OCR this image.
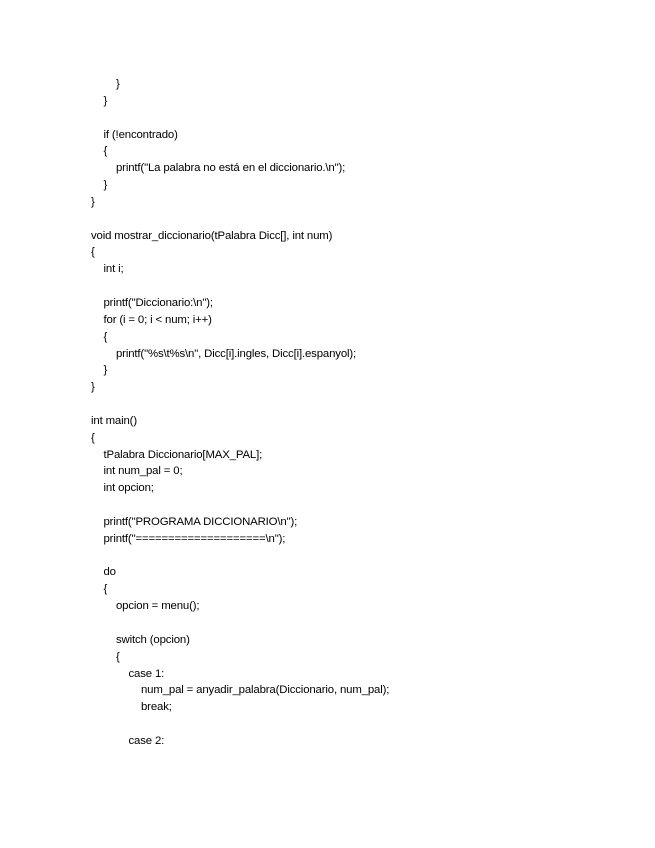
}
}
if (!encontrado)
{
printf("La palabra no está en el diccionario.\n");
}
}
void mostrar_diccionario(tPalabra Dicc[], int num)
{
int i;
printf("Diccionario:\n");
for (i = 0; i < num; i++)
{
printf("%s\t%s\n", Dicc[i].ingles, Dicc[i].espanyol);
}
}
int main()
{
tPalabra Diccionario[MAX_PAL];
int num_pal = 0;
int opcion;
printf("PROGRAMA DICCIONARIO\n");
printf("====================\n");
do
{
opcion = menu();
switch (opcion)
{
case 1:
num_pal = anyadir_palabra(Diccionario, num_pal);
break;
case 2:
